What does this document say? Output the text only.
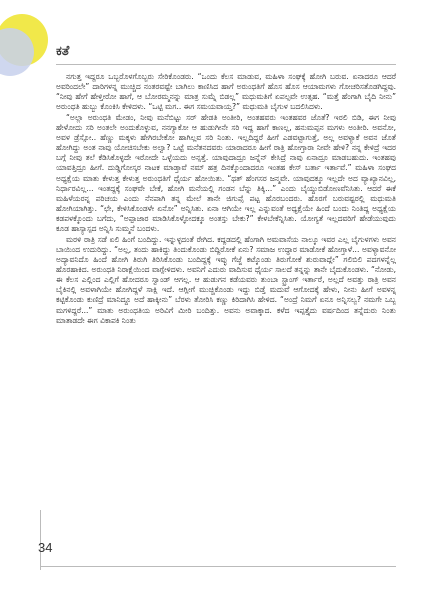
ಕತೆ

ನಗುತ್ತ ಇದ್ದರೂ ಒಬ್ಬರೊಳಗೊಬ್ಬರು ಸೇರಿಕೊಂಡರು. “ಒಂದು ಕೆಲಸ ಮಾಡುವ, ಮಹಿಳಾ ಸಂಘಕ್ಕೆ ಹೋಗಿ ಬರುವ. ಏನಾದರೂ ಆದರೆ ಅವರಿಂದಲೇ” ದಾರಿಗಳನ್ನ ಮುಚ್ಚಿದ ನಂತರವಷ್ಟೇ ಬಾಗಿಲು ಕಾಣಿಸಿದ ಹಾಗೆ ಅರುಂಧತಿಗೆ ಹೊಸ ಹೊಸ ಆಯಾಮಗಳು ಗೋಚರಿಸತೊಡಗಿದ್ದವು. “ನೀವು ಹೇಗೆ ಹೇಳ್ತೀರೋ ಹಾಗೆ, ಆ ಬೋರಮ್ಮನನ್ನು ಮಾತ್ರ ಸುಮ್ನೆ ಬಿಡಲ್ಲ” ಮಧುಮತಿಗೆ ಏಪಲ್ಪವೇ ಉತ್ಸಹ. “ಮತ್ತೆ ಹೆಂಗಾಗಿ ಬೈದಿ ನೀನು” ಅರುಂಧತಿ ಹುಬ್ಬು ಕೊಂಕಿಸಿ ಕೇಳಿದಳು. “ಒಟ್ಟಿ ಮಗ.. ಈಗ ಸಮಯವಾಯ್ತ?” ಮಧುಮತಿ ಬೈಗುಳ ಬದಲಿಸಿದಳು.

“ಅಲ್ಲಾ ಅರುಂಧತಿ ಮೇಡಂ, ನೀವು ಮನೆಬಿಟ್ಟು ಸರ್ ಹೇಡತಿ ಅಂತೀರಿ, ಅಂತಹವರು ಇಂತಹವರ ಜೊತೆ? ಇರಲಿ ಬಿಡಿ, ಈಗ ನೀವು ಹೇಳೋದು ಸರಿ ಅಂತಲೇ ಅಂದುಕೊಳ್ಳುವ, ನನಗ್ಯಾಕೋ ಆ ಹುಡುಗೀನೇ ಸರಿ ಇದ್ದ ಹಾಗೆ ಕಾಣಲ್ಲ, ಹನುಮಪ್ಪನ ಮಗಳು ಅಂತೀರಿ. ಅವನೋ, ಅವಳ ಡ್ರೆಸ್ಸೋ.. ಹೆಣ್ಣು ಮಕ್ಕಳು ಹೇಗಿರಬೇಕೋ ಹಾಗಿಲ್ಲವ ಸರಿ ನಿಂತು. ಇಲ್ಲದಿದ್ದರೆ ಹೀಗೆ ಎಡವಟ್ಟಾಗುತ್ತೆ, ಅಲ್ಲ ಅವಳ್ಯಾಕೆ ಅವನ ಜೊತೆ ಹೋಗಿದ್ದು ಅಂತ ನಾವು ಯೋಚಿಸಬೇಕು ಅಲ್ವಾ? ಒಟ್ಟೆ ಮನೆತನದವರು ಯಾರಾದರೂ ಹೀಗೆ ರಾತ್ರಿ ಹೋಗ್ತಾರಾ ನೀವೇ ಹೇಳಿ? ನನ್ನ ಕೇಳಿದ್ರೆ ಇದರ ಬಗ್ಗೆ ನೀವು ತಲೆ ಕೆಡಿಸಿಕೊಳ್ಳದೇ ಇರೋದೇ ಒಳ್ಳೆಯದು ಅನ್ಸತ್ತೆ. ಯಾವುದಾದ್ರೂ ಜನ್ನೆನ್ ಕೇಸಿದ್ರೆ ನಾವು ಏನಾದ್ರೂ ಮಾಡಬಹುದು. ಇಂತಹವು ಯಾವತ್ತಿದ್ರೂ ಹೀಗೆ. ದುಡ್ಡಿಗೋಸ್ಕರ ನಾಟಕ ಮಾಡ್ತಾವೆ ನಮ್ ಹತ್ರ ದಿನಕ್ಕೊಂದಾದರೂ ಇಂತಹ ಕೇಸ್ ಬರ್ತಾ ಇರ್ತಾವೆ.” ಮಹಿಳಾ ಸಂಘದ ಅಧ್ಯಕ್ಷೆಯ ಮಾತು ಕೇಳುತ್ತ ಕೇಳುತ್ತ ಅರುಂಧತಿಗೆ ಧೈರ್ಯ ಹೋಯಿತು. “ಥತ್ ಹೆಂಗಸರ ಜನ್ಮವೇ. ಯಾವುದಕ್ಕೂ ಇಲ್ಲದೇ ಅದ ವ್ಯಾಖ್ಯಾನವಿಲ್ಲ, ನಿರ್ಧಾರವಿಲ್ಲ... ಇಂತದ್ದಕ್ಕೆ ಸಂಘವೇ ಬೇಕೆ, ಹೋಗಿ ಮನೆಯಲ್ಲಿ ಗಂಡನ ಬೆನ್ನು ತಿಕ್ಕಿ...” ಎಂದು ಬೈಯ್ದುಬಿಡೋಣವೆನಿಸಿತು. ಆದರೆ ಈಕೆ ಮಹಿಳೆಯರನ್ನ ಪರಿಚಯ ಎಂದು ನೆನಪಾಗಿ ತನ್ನ ಮೇಲೆ ತಾನೇ ಜಿಗುಪ್ಸೆ ಪಟ್ಟ ಹೊರಬಂದರು. ಹೊರಗೆ ಬರುವಷ್ಟರಲ್ಲಿ ಮಧುಮತಿ ಹೋಗಿಯಾಗಿತ್ತು. “ಛೇ, ಕೇಳಿಸಿಕೊಂಡಳೇ ಏನೋ” ಅನ್ನಿಸಿತು. ಏನಾ ಆಗಿಯೇ ಇಲ್ಲ ಎನ್ನುವಂತೆ ಅಧ್ಯಕ್ಷೆಯೇ ಹಿಂದೆ ಬಂದು ನಿಂತಿದ್ದ ಅಧ್ಯಕ್ಷೆಯ ಕಡಪಳಕ್ಕೊಂದು ಬಗೆದು, “ಅಪ್ಪಾಜಾರ ಮಾಡಿಸಿಕೊಳ್ಳೋದಕ್ಕೂ ಅಂತಸ್ತು ಬೇಕು?” ಕೇಳಬೇಕೆನ್ನಿಸಿತು. ಯೋಗ್ಯತೆ ಇಲ್ಲದವರಿಗೆ ಹೇಡೆಯುವುದು ಕೂಡ ಹಾಸ್ಯಾಸ್ಪದ ಅನ್ನಿಸಿ ಸುಮ್ಮನೆ ಬಂದಳು.

ಮರಳಿ ರಾತ್ರಿ ಸಡೆ ಏಲಿ ಹಿಂಗೆ ಬಂದಿದ್ದು. ಇನ್ನುಳ್ಳದಂತೆ ರೇಗಿದ. ಕದ್ದಡದಲ್ಲಿ ಹೆಂಗಾಗಿ ಅಮವಾಸೆಯ ನಾಲ್ಕೂ ಇವರ ಎಲ್ಲ ಬೈಗುಳಗಳು ಅವನ ಬಾಯಿಂದ ಉದುರಿದ್ದು. “ಅಲ್ಲ, ತಂದು ಹಾಕಿದ್ದು ತಿಂದುಕೊಂಡು ಬಿದ್ದಿರೋಕೆ ಏನು? ಸಮಾಜ ಉದ್ಧಾರ ಮಾಡೋಕೆ ಹೋಗ್ತಾಳೆ... ಅವಳ್ಯಾವನೋ ಅದ್ಯಾವನಿದೊ ಹಿಂದೆ ಹೋಗಿ ತಿರುಗಿ ತಿರಿಸಿಕೊಂಡು ಬಂದಿದ್ದಕ್ಕೆ ಇವ್ಳು ಗೆಜ್ಜೆ ಕಟ್ಕೊಂಡು ತಿರುಗೋಕೆ ಶುರುವಾದ್ಲೇ” ಗಲಿಬಿಲಿ ಪದಗಳನ್ನೆಲ್ಲ ಹೊರಹಾಕಿದ. ಅರುಂಧತಿ ನಿರಾಕ್ಷೆಯಿಂದ ವಾಗ್ಪೇಳಿದಳು. ಅವನಿಗೆ ಎದುರು ವಾದಿಸುವ ಧೈರ್ಯ ಸಾಲದೆ ತನ್ನನ್ನು ತಾನೇ ಬೈದುಕೊಂಡಳು. “ನೋಡು, ಈ ಕೆಲಸ ಎಲ್ಲಿಂದ ಎಲ್ಲಿಗೆ ಹೋದರೂ ಸ್ವಾಂಡ್ ಆಗಲ್ಲ. ಆ ಹುಡುಗನ ಕಡೆಯವರು ತುಂಬಾ ಸ್ಟ್ರಾಂಗ್ ಇರ್ತಾರೆ, ಅಲ್ಲದೆ ಅವತ್ತು ರಾತ್ರಿ ಅವನ ಬೈಕಿನಲ್ಲಿ ಅವಳಾಗಿಯೇ ಹೋಗಿದ್ದಳೆ ಸಾಕ್ಷಿ ಇದೆ. ಆಗ್ಲೀಗೆ ಮುಚ್ಚಿಕೊಂಡು ಇದ್ದು ಬಿಡ್ತೆ ಮದುವೆ ಆಗೋದಕ್ಕೆ ಹೇಳು, ನೀನು ಹೀಗೆ ಅವಳನ್ನ ಕಟ್ಟಿಕೊಂಡು ಕುಣಿದ್ರೆ ಮಾನಿದ್ದೂ ಅದೆ ಹಾಕ್ಕೀನು” ಬೆರಳು ತೋರಿಸಿ ಕಣ್ಣು ಕಿರಿದಾಗಿಸಿ ಹೇಳಿದ. “ಅಂದ್ರೆ ನಿಮಗೆ ಏನೂ ಅನ್ನಿಸಲ್ವ? ನಮಗೇ ಒಬ್ಬ ಮಗಳಿದ್ದರೆ...” ಮಾತು ಅರುಂಧತಿಯ ಅರಿವಿಗೆ ಮೀರಿ ಬಂದಿತ್ತು. ಅವನು ಅವಾಕ್ಕಾದ. ಕಳೆದ ಇಪ್ಪತ್ತೈದು ವರ್ಷದಿಂದ ತನ್ನೆದುರು ನಿಂತು ಮಾತಾಡದೇ ಈಗ ವಿಕಾಪಕಿ ನಿಂತು

34
